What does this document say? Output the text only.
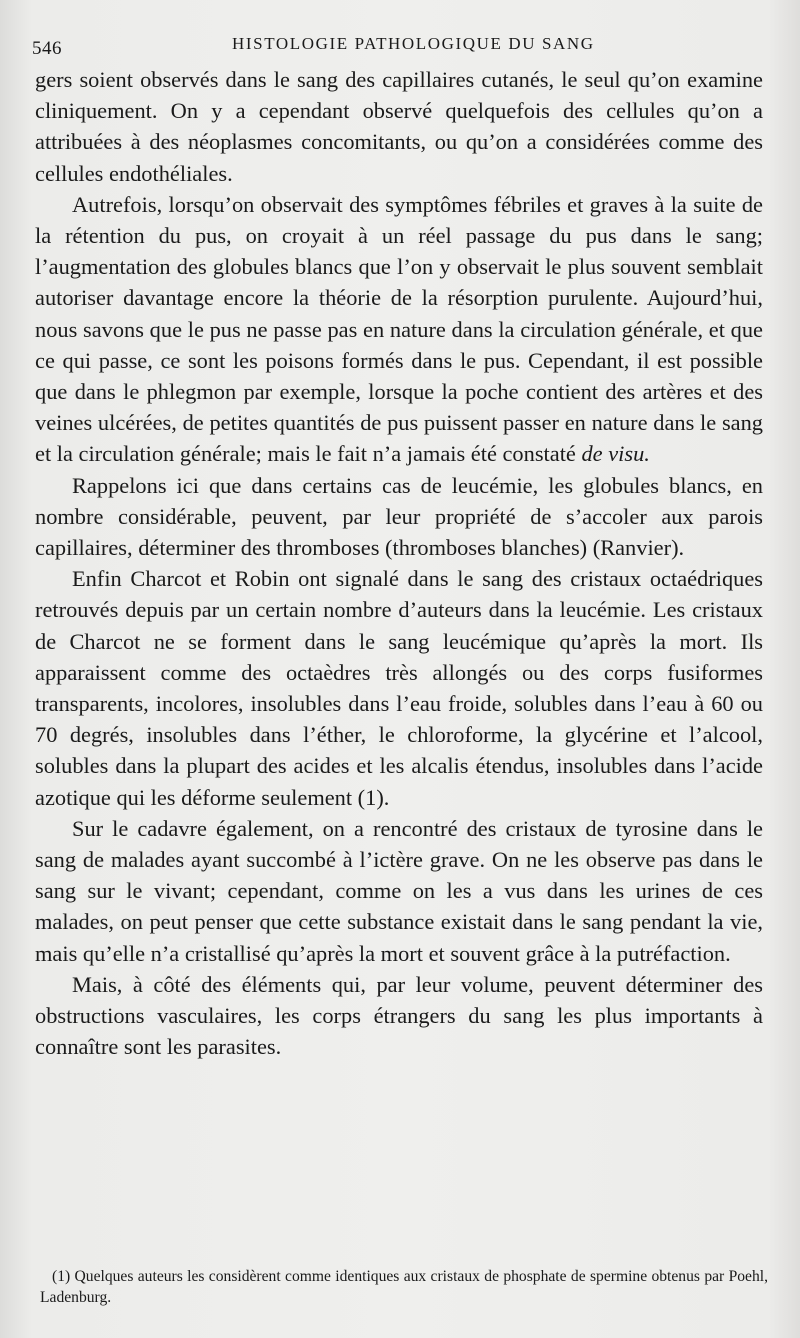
546	HISTOLOGIE PATHOLOGIQUE DU SANG

gers soient observés dans le sang des capillaires cutanés, le seul qu’on examine cliniquement. On y a cependant observé quelquefois des cellules qu’on a attribuées à des néoplasmes concomitants, ou qu’on a considérées comme des cellules endothéliales.

Autrefois, lorsqu’on observait des symptômes fébriles et graves à la suite de la rétention du pus, on croyait à un réel passage du pus dans le sang; l’augmentation des globules blancs que l’on y observait le plus souvent semblait autoriser davantage encore la théorie de la résorption purulente. Aujourd’hui, nous savons que le pus ne passe pas en nature dans la circulation générale, et que ce qui passe, ce sont les poisons formés dans le pus. Cependant, il est possible que dans le phlegmon par exemple, lorsque la poche contient des artères et des veines ulcérées, de petites quantités de pus puissent passer en nature dans le sang et la circulation générale; mais le fait n’a jamais été constaté de visu.

Rappelons ici que dans certains cas de leucémie, les globules blancs, en nombre considérable, peuvent, par leur propriété de s’accoler aux parois capillaires, déterminer des thromboses (thromboses blanches) (Ranvier).

Enfin Charcot et Robin ont signalé dans le sang des cristaux octaédriques retrouvés depuis par un certain nombre d’auteurs dans la leucémie. Les cristaux de Charcot ne se forment dans le sang leucémique qu’après la mort. Ils apparaissent comme des octaèdres très allongés ou des corps fusiformes transparents, incolores, insolubles dans l’eau froide, solubles dans l’eau à 60 ou 70 degrés, insolubles dans l’éther, le chloroforme, la glycérine et l’alcool, solubles dans la plupart des acides et les alcalis étendus, insolubles dans l’acide azotique qui les déforme seulement (1).

Sur le cadavre également, on a rencontré des cristaux de tyrosine dans le sang de malades ayant succombé à l’ictère grave. On ne les observe pas dans le sang sur le vivant; cependant, comme on les a vus dans les urines de ces malades, on peut penser que cette substance existait dans le sang pendant la vie, mais qu’elle n’a cristallisé qu’après la mort et souvent grâce à la putréfaction.

Mais, à côté des éléments qui, par leur volume, peuvent déterminer des obstructions vasculaires, les corps étrangers du sang les plus importants à connaître sont les parasites.

(1) Quelques auteurs les considèrent comme identiques aux cristaux de phosphate de spermine obtenus par Poehl, Ladenburg.
